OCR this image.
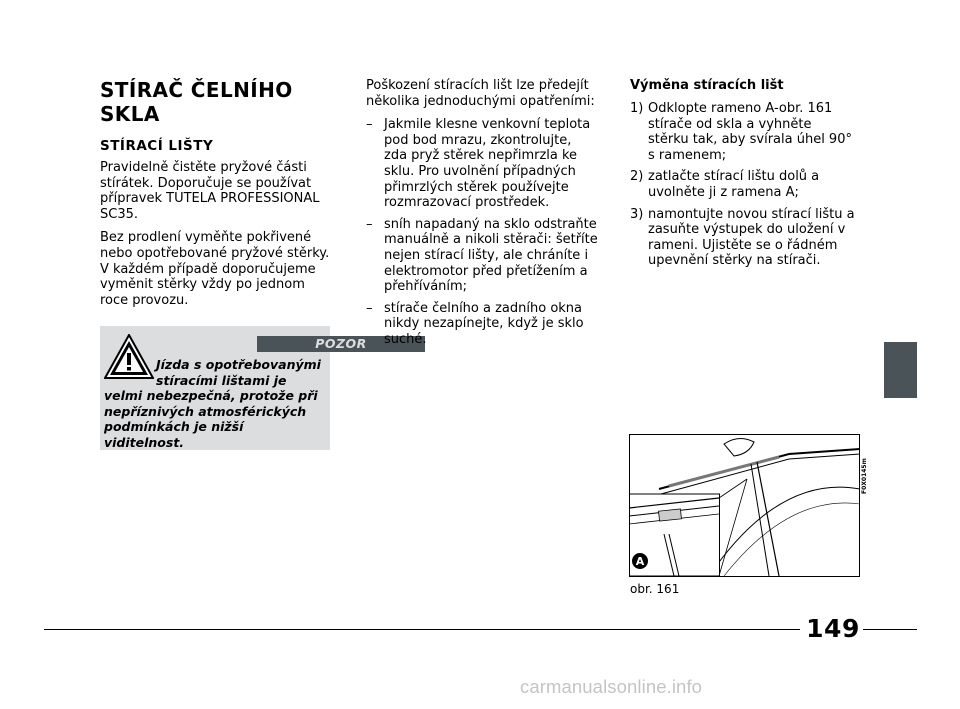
STÍRAČ ČELNÍHO SKLA
STÍRACÍ LIŠTY

Pravidelně čistěte pryžové části stírátek. Doporučuje se používat přípravek TUTELA PROFESSIONAL SC35.

Bez prodlení vyměňte pokřivené nebo opotřebované pryžové stěrky. V každém případě doporučujeme vyměnit stěrky vždy po jednom roce provozu.

POZOR
Jízda s opotřebovanými stíracími lištami je velmi nebezpečná, protože při nepříznivých atmosférických podmínkách je nižší viditelnost.

Poškození stíracích lišt lze předejít několika jednoduchými opatřeními:

– Jakmile klesne venkovní teplota pod bod mrazu, zkontrolujte, zda pryž stěrek nepřimrzla ke sklu. Pro uvolnění případných přimrzlých stěrek používejte rozmrazovací prostředek.
– sníh napadaný na sklo odstraňte manuálně a nikoli stěrači: šetříte nejen stírací lišty, ale chráníte i elektromotor před přetížením a přehříváním;
– stírače čelního a zadního okna nikdy nezapínejte, když je sklo suché.
Výměna stíracích lišt
1) Odklopte rameno A-obr. 161 stírače od skla a vyhněte stěrku tak, aby svírala úhel 90° s ramenem;
2) zatlačte stírací lištu dolů a uvolněte ji z ramena A;
3) namontujte novou stírací lištu a zasuňte výstupek do uložení v rameni. Ujistěte se o řádném upevnění stěrky na stírači.
A
F0X0145m
obr. 161
149
carmanualsonline.info
